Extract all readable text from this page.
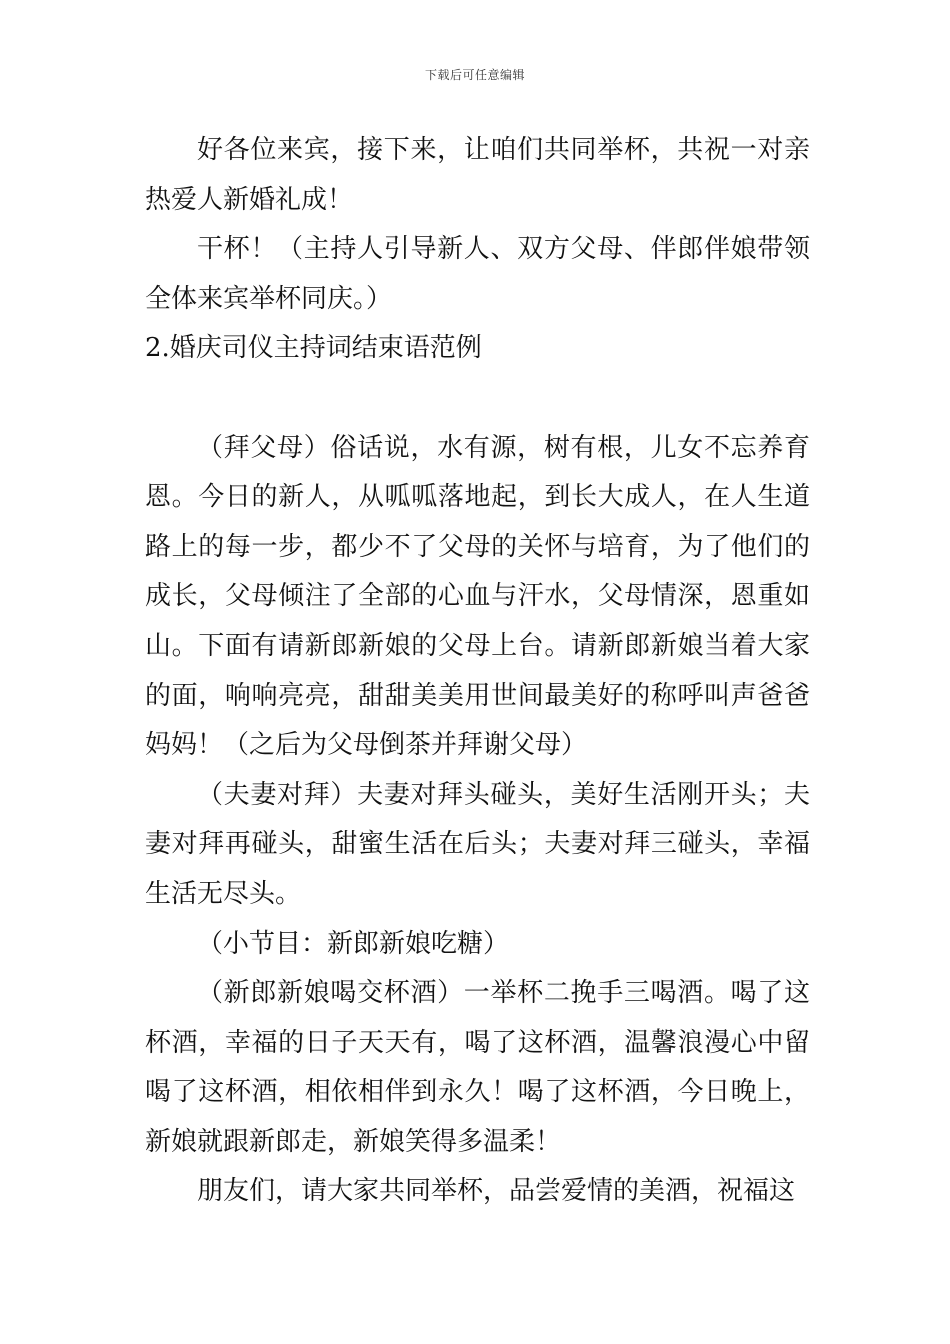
下载后可任意编辑

好各位来宾，接下来，让咱们共同举杯，共祝一对亲热爱人新婚礼成！

干杯！（主持人引导新人、双方父母、伴郎伴娘带领全体来宾举杯同庆。）

2.婚庆司仪主持词结束语范例

（拜父母）俗话说，水有源，树有根，儿女不忘养育恩。今日的新人，从呱呱落地起，到长大成人，在人生道路上的每一步，都少不了父母的关怀与培育，为了他们的成长，父母倾注了全部的心血与汗水，父母情深，恩重如山。下面有请新郎新娘的父母上台。请新郎新娘当着大家的面，响响亮亮，甜甜美美用世间最美好的称呼叫声爸爸妈妈！（之后为父母倒茶并拜谢父母）

（夫妻对拜）夫妻对拜头碰头，美好生活刚开头；夫妻对拜再碰头，甜蜜生活在后头；夫妻对拜三碰头，幸福生活无尽头。

（小节目：新郎新娘吃糖）

（新郎新娘喝交杯酒）一举杯二挽手三喝酒。喝了这杯酒，幸福的日子天天有，喝了这杯酒，温馨浪漫心中留喝了这杯酒，相依相伴到永久！喝了这杯酒，今日晚上，新娘就跟新郎走，新娘笑得多温柔！

朋友们，请大家共同举杯，品尝爱情的美酒，祝福这
